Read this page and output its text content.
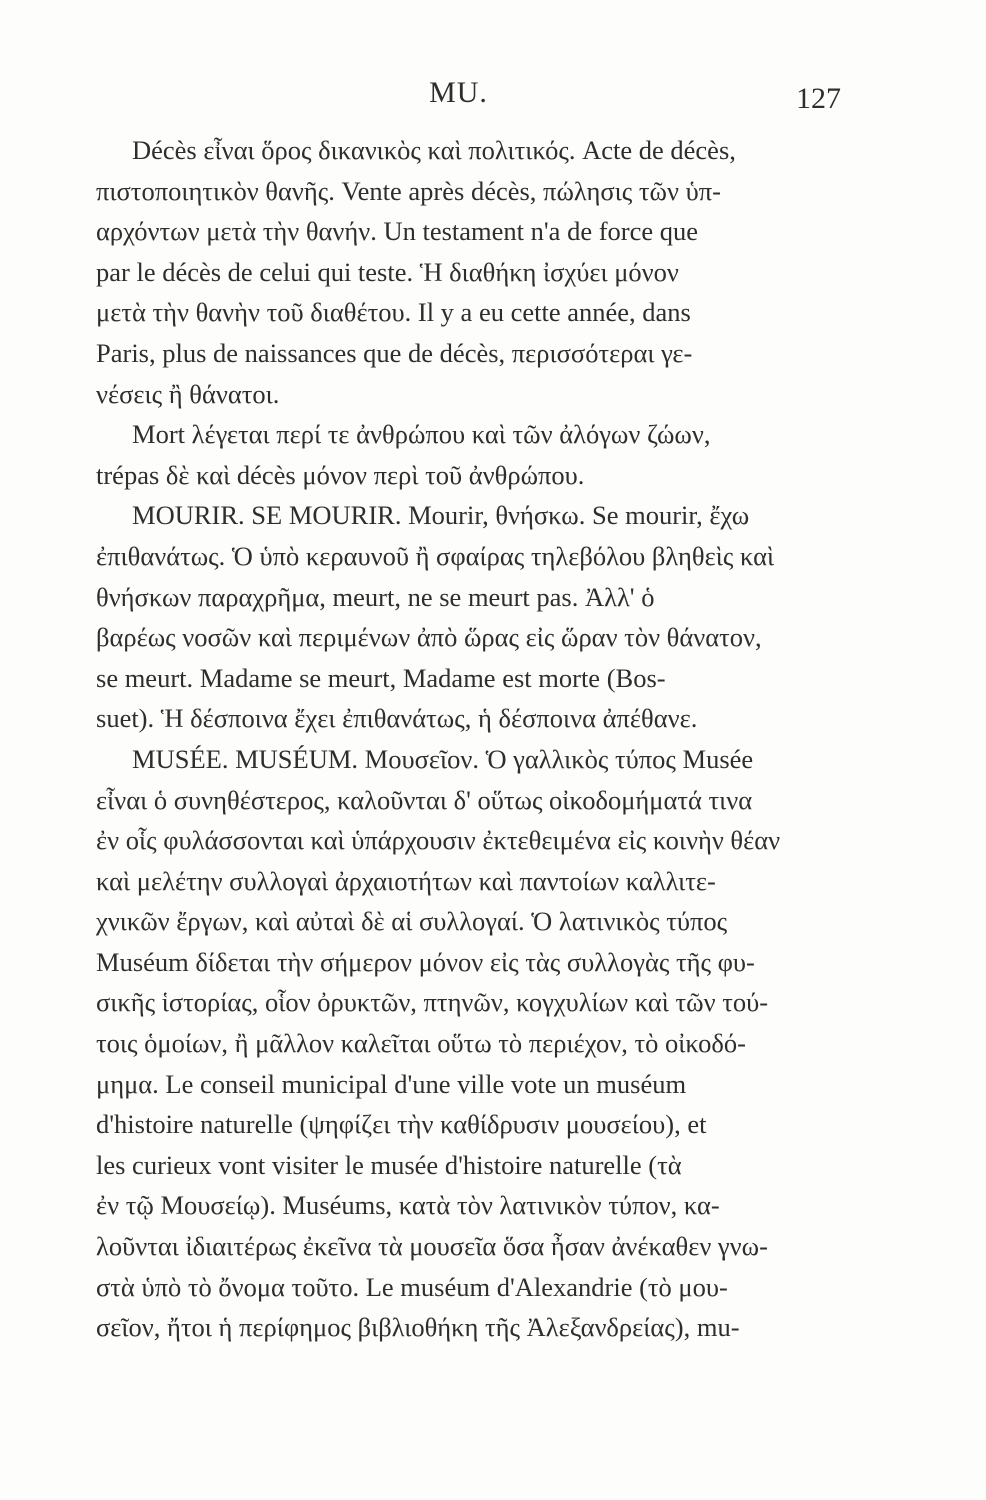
MU.	127

Décès εἶναι ὅρος δικανικὸς καὶ πολιτικός. Acte de décès,
πιστοποιητικὸν θανῆς. Vente après décès, πώλησις τῶν ὑπ-
αρχόντων μετὰ τὴν θανήν. Un testament n'a de force que
par le décès de celui qui teste. Ἡ διαθήκη ἰσχύει μόνον
μετὰ τὴν θανὴν τοῦ διαθέτου. Il y a eu cette année, dans
Paris, plus de naissances que de décès, περισσότεραι γε-
νέσεις ἢ θάνατοι.

Mort λέγεται περί τε ἀνθρώπου καὶ τῶν ἀλόγων ζώων,
trépas δὲ καὶ décès μόνον περὶ τοῦ ἀνθρώπου.

MOURIR. SE MOURIR. Mourir, θνήσκω. Se mourir, ἔχω
ἐπιθανάτως. Ὁ ὑπὸ κεραυνοῦ ἢ σφαίρας τηλεβόλου βληθεὶς καὶ
θνήσκων παραχρῆμα, meurt, ne se meurt pas. Ἀλλ' ὁ
βαρέως νοσῶν καὶ περιμένων ἀπὸ ὥρας εἰς ὥραν τὸν θάνατον,
se meurt. Madame se meurt, Madame est morte (Bos-
suet). Ἡ δέσποινα ἔχει ἐπιθανάτως, ἡ δέσποινα ἀπέθανε.

MUSÉE. MUSÉUM. Μουσεῖον. Ὁ γαλλικὸς τύπος Musée
εἶναι ὁ συνηθέστερος, καλοῦνται δ' οὕτως οἰκοδομήματά τινα
ἐν οἷς φυλάσσονται καὶ ὑπάρχουσιν ἐκτεθειμένα εἰς κοινὴν θέαν
καὶ μελέτην συλλογαὶ ἀρχαιοτήτων καὶ παντοίων καλλιτε-
χνικῶν ἔργων, καὶ αὐταὶ δὲ αἱ συλλογαί. Ὁ λατινικὸς τύπος
Muséum δίδεται τὴν σήμερον μόνον εἰς τὰς συλλογὰς τῆς φυ-
σικῆς ἱστορίας, οἷον ὀρυκτῶν, πτηνῶν, κογχυλίων καὶ τῶν τού-
τοις ὁμοίων, ἢ μᾶλλον καλεῖται οὕτω τὸ περιέχον, τὸ οἰκοδό-
μημα. Le conseil municipal d'une ville vote un muséum
d'histoire naturelle (ψηφίζει τὴν καθίδρυσιν μουσείου), et
les curieux vont visiter le musée d'histoire naturelle (τὰ
ἐν τῷ Μουσείῳ). Muséums, κατὰ τὸν λατινικὸν τύπον, κα-
λοῦνται ἰδιαιτέρως ἐκεῖνα τὰ μουσεῖα ὅσα ἦσαν ἀνέκαθεν γνω-
στὰ ὑπὸ τὸ ὄνομα τοῦτο. Le muséum d'Alexandrie (τὸ μου-
σεῖον, ἤτοι ἡ περίφημος βιβλιοθήκη τῆς Ἀλεξανδρείας), mu-
